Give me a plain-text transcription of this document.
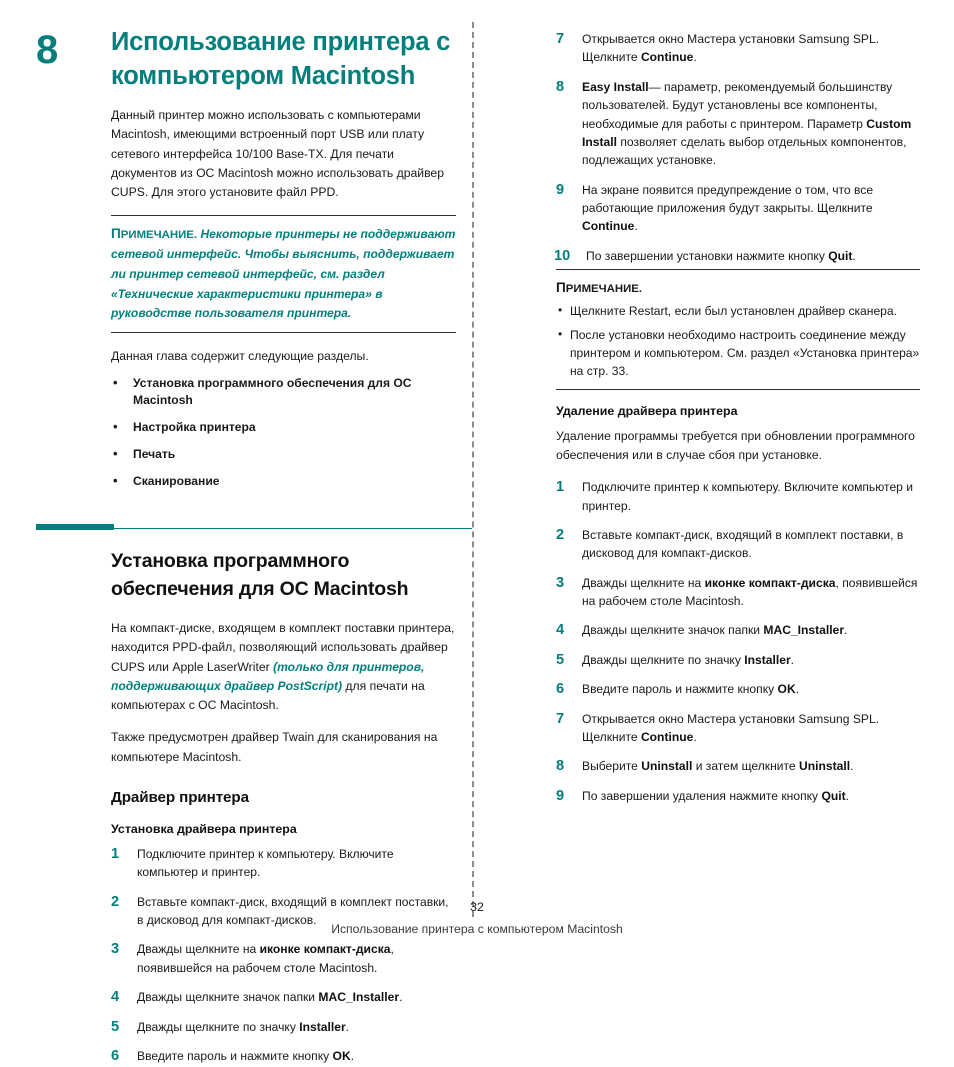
8 Использование принтера с компьютером Macintosh

Данный принтер можно использовать с компьютерами Macintosh, имеющими встроенный порт USB или плату сетевого интерфейса 10/100 Base-TX. Для печати документов из ОС Macintosh можно использовать драйвер CUPS. Для этого установите файл PPD.

ПРИМЕЧАНИЕ. Некоторые принтеры не поддерживают сетевой интерфейс. Чтобы выяснить, поддерживает ли принтер сетевой интерфейс, см. раздел «Технические характеристики принтера» в руководстве пользователя принтера.

Данная глава содержит следующие разделы.

• Установка программного обеспечения для ОС Macintosh
• Настройка принтера
• Печать
• Сканирование
Установка программного обеспечения для ОС Macintosh

На компакт-диске, входящем в комплект поставки принтера, находится PPD-файл, позволяющий использовать драйвер CUPS или Apple LaserWriter (только для принтеров, поддерживающих драйвер PostScript) для печати на компьютерах с ОС Macintosh.

Также предусмотрен драйвер Twain для сканирования на компьютере Macintosh.

Драйвер принтера
Установка драйвера принтера
1 Подключите принтер к компьютеру. Включите компьютер и принтер.
2 Вставьте компакт-диск, входящий в комплект поставки, в дисковод для компакт-дисков.
3 Дважды щелкните на иконке компакт-диска, появившейся на рабочем столе Macintosh.
4 Дважды щелкните значок папки MAC_Installer.
5 Дважды щелкните по значку Installer.
6 Введите пароль и нажмите кнопку OK.
7 Открывается окно Мастера установки Samsung SPL. Щелкните Continue.
8 Easy Install— параметр, рекомендуемый большинству пользователей. Будут установлены все компоненты, необходимые для работы с принтером. Параметр Custom Install позволяет сделать выбор отдельных компонентов, подлежащих установке.
9 На экране появится предупреждение о том, что все работающие приложения будут закрыты. Щелкните Continue.
10 По завершении установки нажмите кнопку Quit.

ПРИМЕЧАНИЕ.

• Щелкните Restart, если был установлен драйвер сканера.
• После установки необходимо настроить соединение между принтером и компьютером. См. раздел «Установка принтера» на стр. 33.
Удаление драйвера принтера

Удаление программы требуется при обновлении программного обеспечения или в случае сбоя при установке.

1 Подключите принтер к компьютеру. Включите компьютер и принтер.
2 Вставьте компакт-диск, входящий в комплект поставки, в дисковод для компакт-дисков.
3 Дважды щелкните на иконке компакт-диска, появившейся на рабочем столе Macintosh.
4 Дважды щелкните значок папки MAC_Installer.
5 Дважды щелкните по значку Installer.
6 Введите пароль и нажмите кнопку OK.
7 Открывается окно Мастера установки Samsung SPL. Щелкните Continue.
8 Выберите Uninstall и затем щелкните Uninstall.
9 По завершении удаления нажмите кнопку Quit.
32
Использование принтера с компьютером Macintosh
